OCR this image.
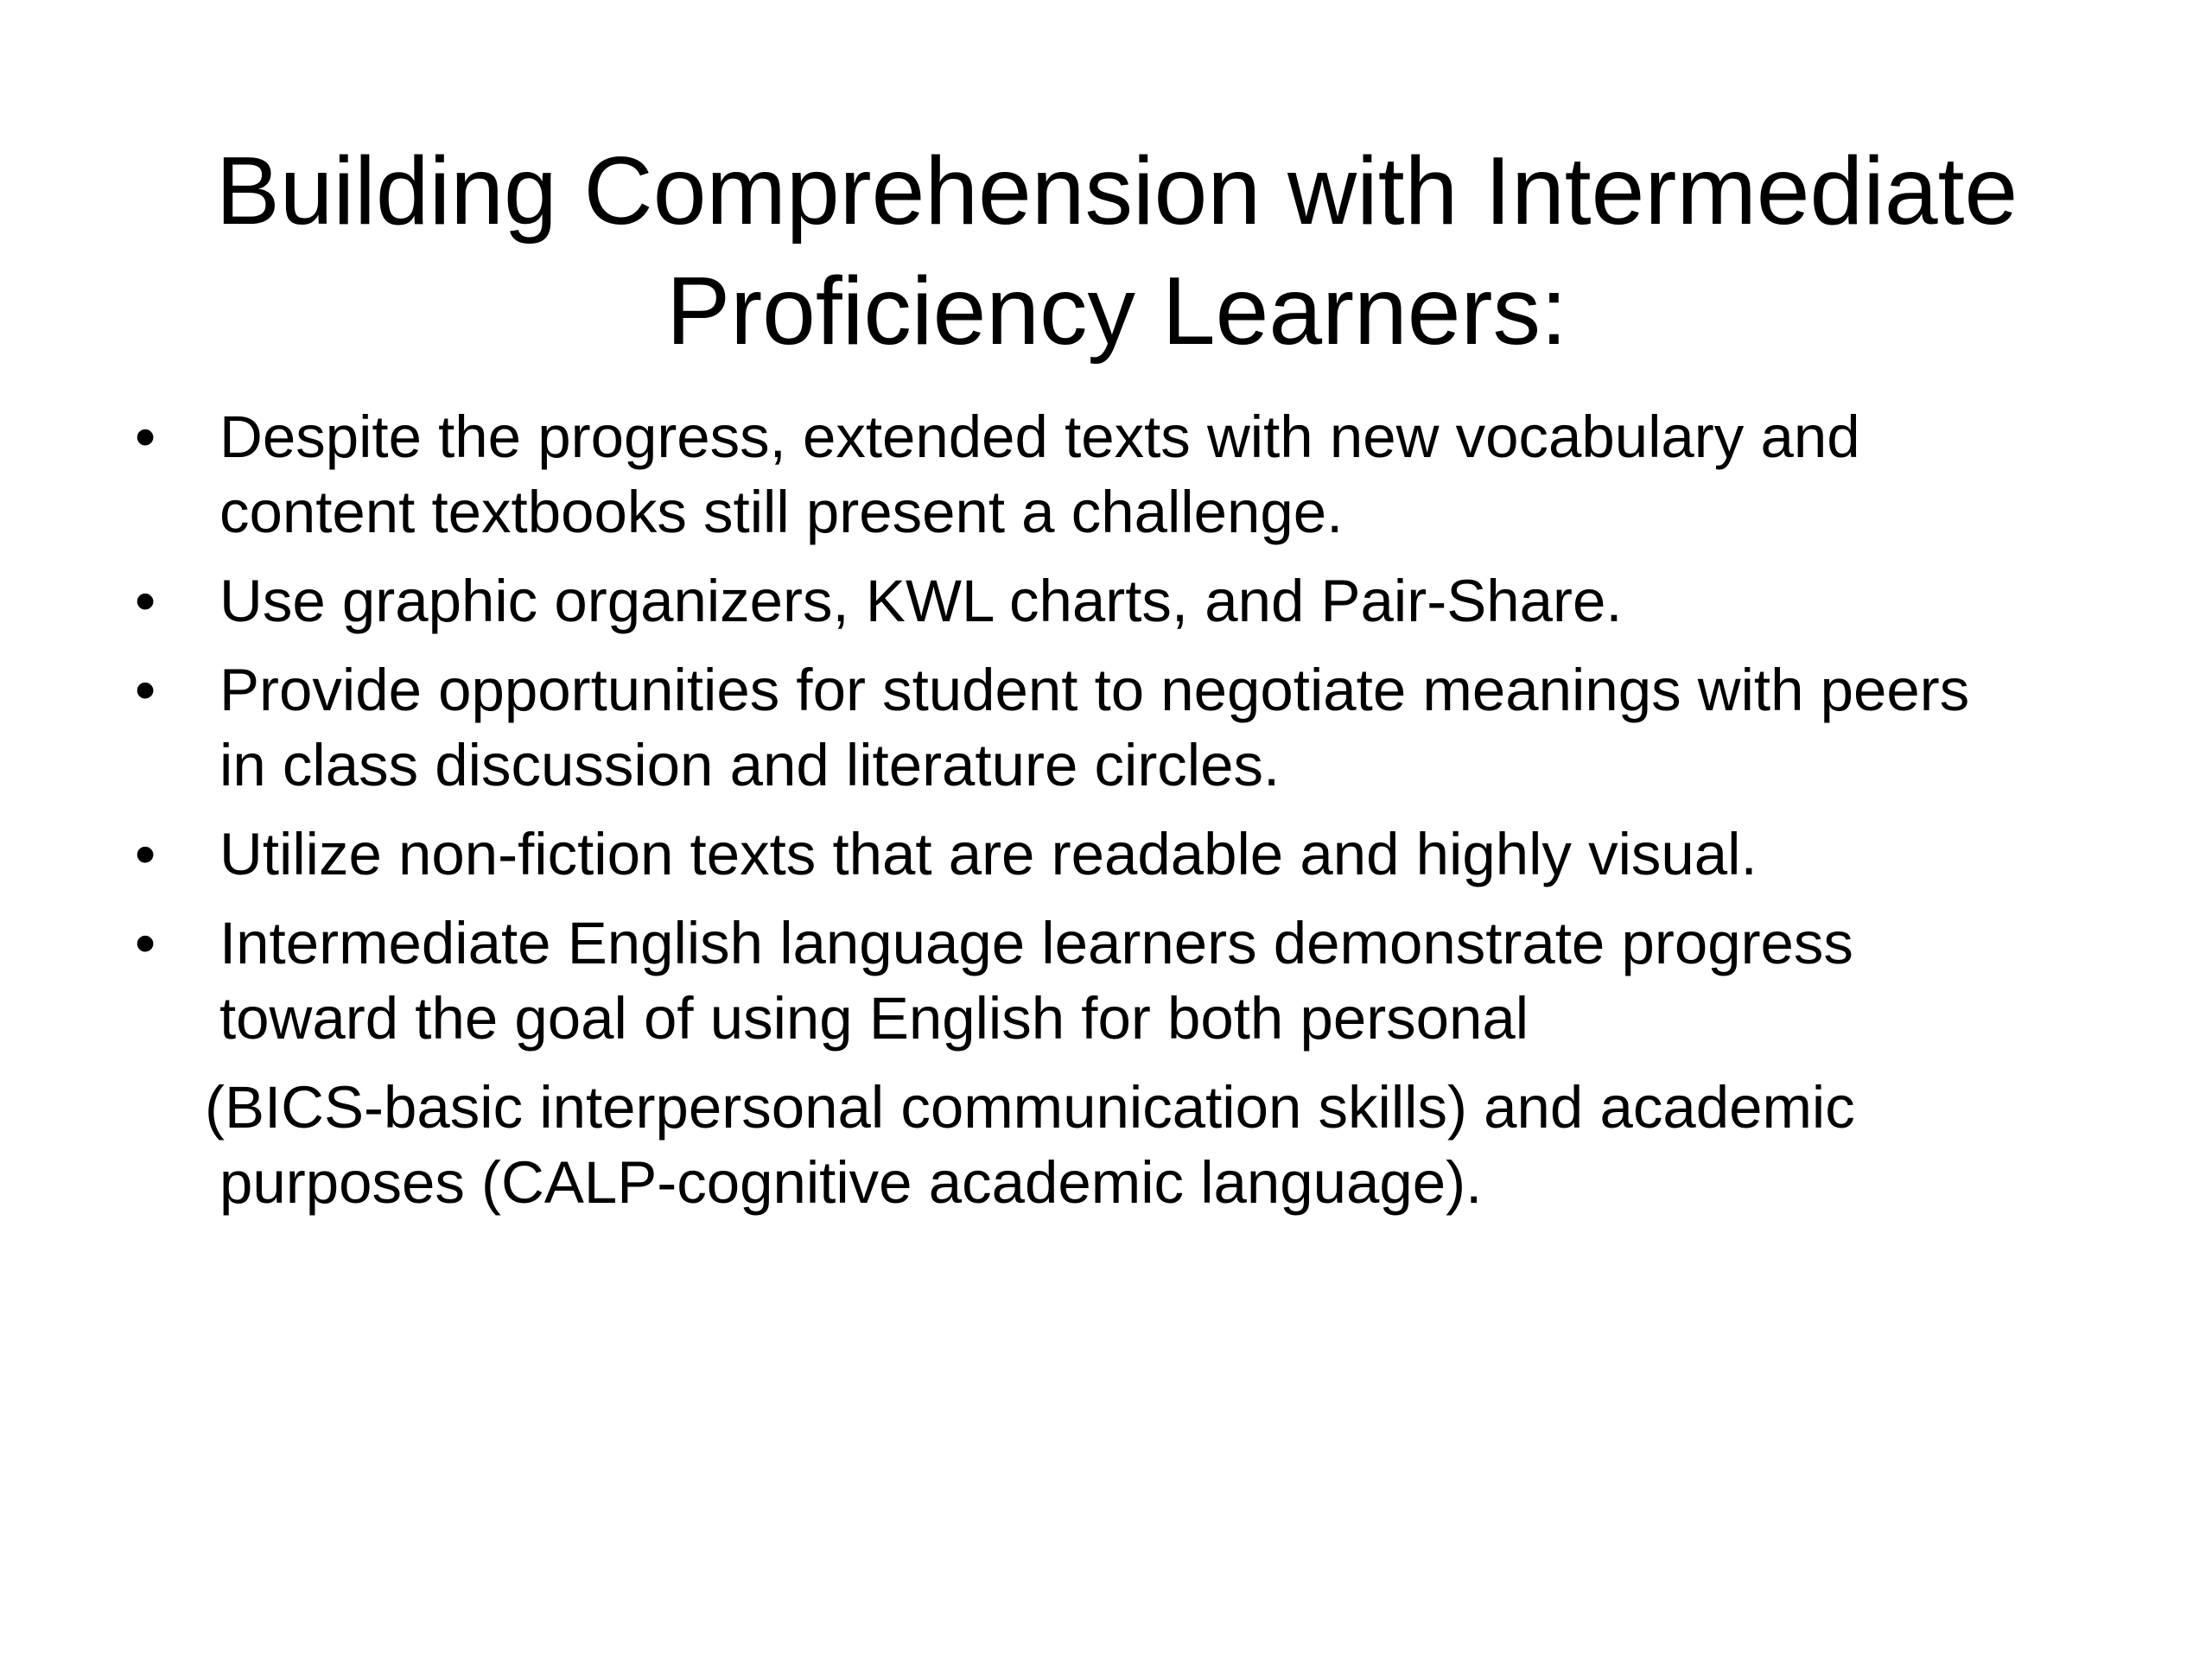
Building Comprehension with Intermediate
Proficiency Learners:
• Despite the progress, extended texts with new vocabulary and
content textbooks still present a challenge.
• Use graphic organizers, KWL charts, and Pair-Share.
• Provide opportunities for student to negotiate meanings with peers
in class discussion and literature circles.
• Utilize non-fiction texts that are readable and highly visual.
• Intermediate English language learners demonstrate progress
toward the goal of using English for both personal
(BICS-basic interpersonal communication skills) and academic
purposes (CALP-cognitive academic language).
